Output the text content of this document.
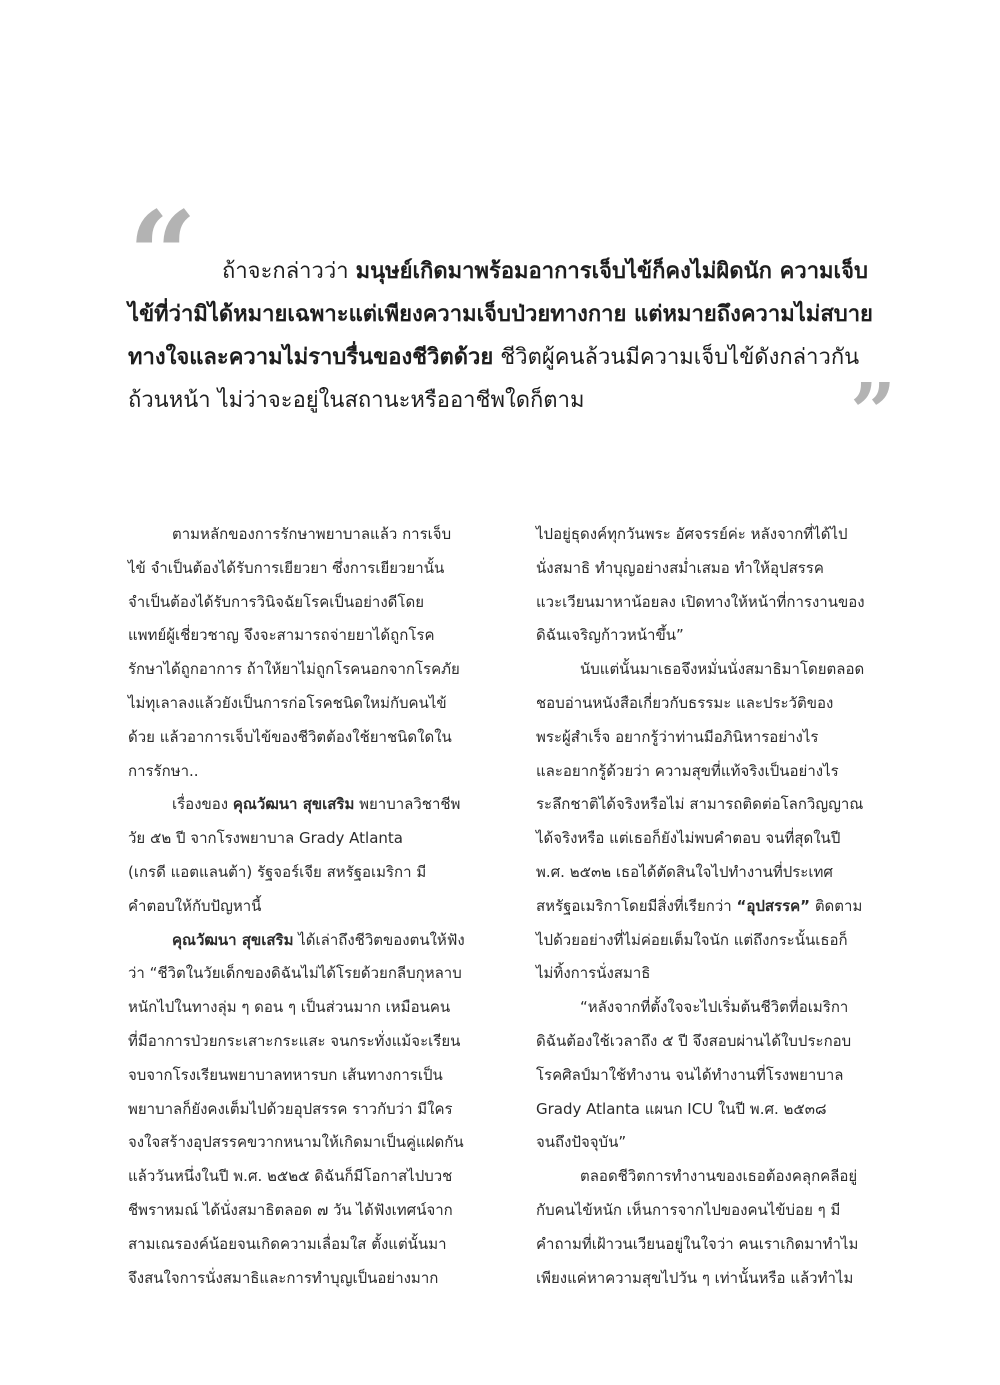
“
”
ถ้าจะกล่าวว่า มนุษย์เกิดมาพร้อมอาการเจ็บไข้ก็คงไม่ผิดนัก ความเจ็บ
ไข้ที่ว่ามิได้หมายเฉพาะแต่เพียงความเจ็บป่วยทางกาย แต่หมายถึงความไม่สบาย
ทางใจและความไม่ราบรื่นของชีวิตด้วย ชีวิตผู้คนล้วนมีความเจ็บไข้ดังกล่าวกัน
ถ้วนหน้า ไม่ว่าจะอยู่ในสถานะหรืออาชีพใดก็ตาม

ตามหลักของการรักษาพยาบาลแล้ว การเจ็บ
ไข้ จำเป็นต้องได้รับการเยียวยา ซึ่งการเยียวยานั้น
จำเป็นต้องได้รับการวินิจฉัยโรคเป็นอย่างดีโดย
แพทย์ผู้เชี่ยวชาญ จึงจะสามารถจ่ายยาได้ถูกโรค
รักษาได้ถูกอาการ ถ้าให้ยาไม่ถูกโรคนอกจากโรคภัย
ไม่ทุเลาลงแล้วยังเป็นการก่อโรคชนิดใหม่กับคนไข้
ด้วย แล้วอาการเจ็บไข้ของชีวิตต้องใช้ยาชนิดใดใน
การรักษา..

เรื่องของ คุณวัฒนา สุขเสริม พยาบาลวิชาชีพ
วัย ๕๒ ปี จากโรงพยาบาล Grady Atlanta
(เกรดี แอตแลนต้า) รัฐจอร์เจีย สหรัฐอเมริกา มี
คำตอบให้กับปัญหานี้

คุณวัฒนา สุขเสริม ได้เล่าถึงชีวิตของตนให้ฟัง
ว่า “ชีวิตในวัยเด็กของดิฉันไม่ได้โรยด้วยกลีบกุหลาบ
หนักไปในทางลุ่ม ๆ ดอน ๆ เป็นส่วนมาก เหมือนคน
ที่มีอาการป่วยกระเสาะกระแสะ จนกระทั่งแม้จะเรียน
จบจากโรงเรียนพยาบาลทหารบก เส้นทางการเป็น
พยาบาลก็ยังคงเต็มไปด้วยอุปสรรค ราวกับว่า มีใคร
จงใจสร้างอุปสรรคขวากหนามให้เกิดมาเป็นคู่แฝดกัน
แล้ววันหนึ่งในปี พ.ศ. ๒๕๒๕ ดิฉันก็มีโอกาสไปบวช
ชีพราหมณ์ ได้นั่งสมาธิตลอด ๗ วัน ได้ฟังเทศน์จาก
สามเณรองค์น้อยจนเกิดความเลื่อมใส ตั้งแต่นั้นมา
จึงสนใจการนั่งสมาธิและการทำบุญเป็นอย่างมาก

ไปอยู่ธุดงค์ทุกวันพระ อัศจรรย์ค่ะ หลังจากที่ได้ไป
นั่งสมาธิ ทำบุญอย่างสม่ำเสมอ ทำให้อุปสรรค
แวะเวียนมาหาน้อยลง เปิดทางให้หน้าที่การงานของ
ดิฉันเจริญก้าวหน้าขึ้น”

นับแต่นั้นมาเธอจึงหมั่นนั่งสมาธิมาโดยตลอด
ชอบอ่านหนังสือเกี่ยวกับธรรมะ และประวัติของ
พระผู้สำเร็จ อยากรู้ว่าท่านมีอภินิหารอย่างไร
และอยากรู้ด้วยว่า ความสุขที่แท้จริงเป็นอย่างไร
ระลึกชาติได้จริงหรือไม่ สามารถติดต่อโลกวิญญาณ
ได้จริงหรือ แต่เธอก็ยังไม่พบคำตอบ จนที่สุดในปี
พ.ศ. ๒๕๓๒ เธอได้ตัดสินใจไปทำงานที่ประเทศ
สหรัฐอเมริกาโดยมีสิ่งที่เรียกว่า “อุปสรรค” ติดตาม
ไปด้วยอย่างที่ไม่ค่อยเต็มใจนัก แต่ถึงกระนั้นเธอก็
ไม่ทิ้งการนั่งสมาธิ

“หลังจากที่ตั้งใจจะไปเริ่มต้นชีวิตที่อเมริกา
ดิฉันต้องใช้เวลาถึง ๕ ปี จึงสอบผ่านได้ใบประกอบ
โรคศิลป์มาใช้ทำงาน จนได้ทำงานที่โรงพยาบาล
Grady Atlanta แผนก ICU ในปี พ.ศ. ๒๕๓๘
จนถึงปัจจุบัน”

ตลอดชีวิตการทำงานของเธอต้องคลุกคลีอยู่
กับคนไข้หนัก เห็นการจากไปของคนไข้บ่อย ๆ มี
คำถามที่เฝ้าวนเวียนอยู่ในใจว่า คนเราเกิดมาทำไม
เพียงแค่หาความสุขไปวัน ๆ เท่านั้นหรือ แล้วทำไม
